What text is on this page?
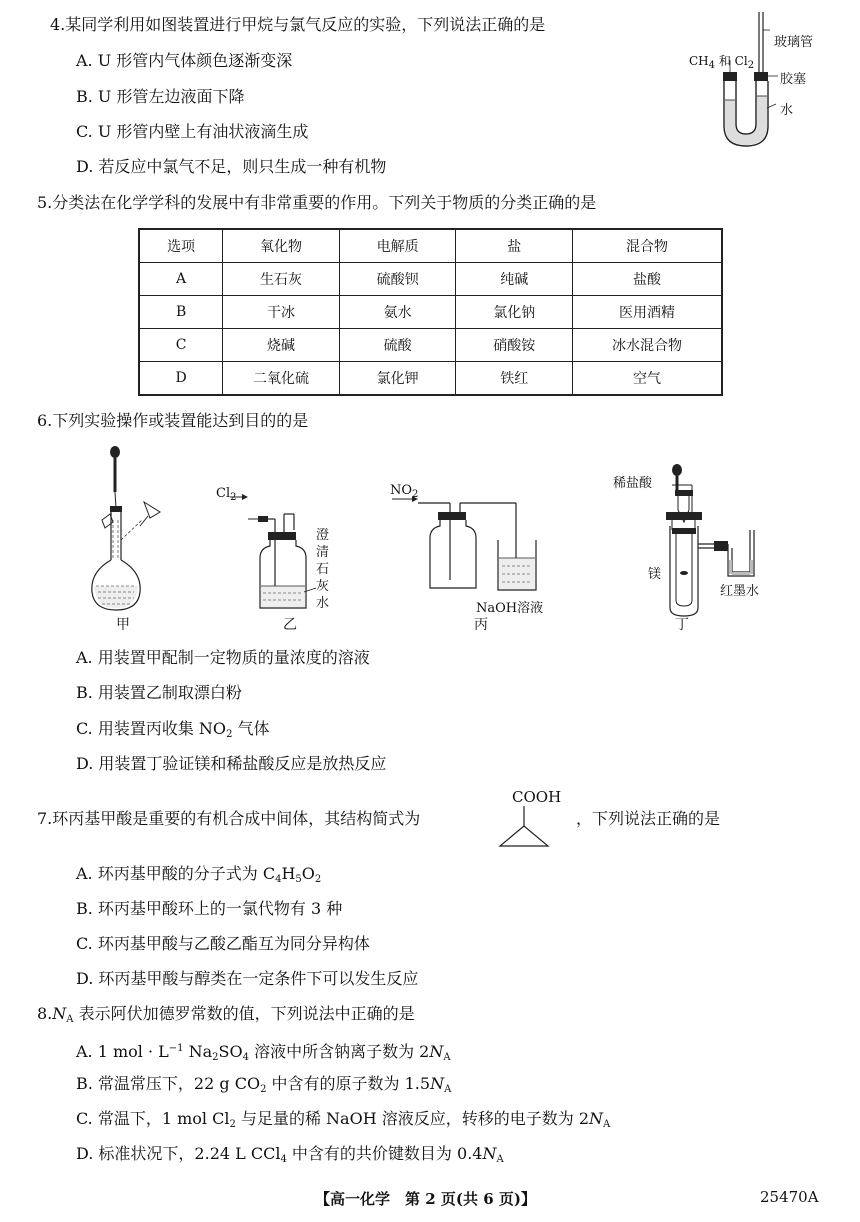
4.某同学利用如图装置进行甲烷与氯气反应的实验，下列说法正确的是
A. U 形管内气体颜色逐渐变深
B. U 形管左边液面下降
C. U 形管内壁上有油状液滴生成
D. 若反应中氯气不足，则只生成一种有机物
玻璃管
$CH_4$ 和 $Cl_2$
胶塞
水
5.分类法在化学学科的发展中有非常重要的作用。下列关于物质的分类正确的是
选项	氧化物	电解质	盐	混合物
A	生石灰	硫酸钡	纯碱	盐酸
B	干冰	氨水	氯化钠	医用酒精
C	烧碱	硫酸	硝酸铵	冰水混合物
D	二氧化硫	氯化钾	铁红	空气
6.下列实验操作或装置能达到目的的是
甲	乙	丙	丁
$Cl_2$
澄
清
石
灰
水
$NO_2$
NaOH溶液
稀盐酸
镁
红墨水
A. 用装置甲配制一定物质的量浓度的溶液
B. 用装置乙制取漂白粉
C. 用装置丙收集 $NO_2$ 气体
D. 用装置丁验证镁和稀盐酸反应是放热反应
7.环丙基甲酸是重要的有机合成中间体，其结构简式为
COOH
，下列说法正确的是
A. 环丙基甲酸的分子式为 $C_4H_5O_2$
B. 环丙基甲酸环上的一氯代物有 3 种
C. 环丙基甲酸与乙酸乙酯互为同分异构体
D. 环丙基甲酸与醇类在一定条件下可以发生反应
$8.N_A$ 表示阿伏加德罗常数的值，下列说法中正确的是
A. 1 mol · $L^{-1}$ $Na_2SO_4$ 溶液中所含钠离子数为 $2N_A$
B. 常温常压下，22 g $CO_2$ 中含有的原子数为 $1.5N_A$
C. 常温下，1 mol $Cl_2$ 与足量的稀 NaOH 溶液反应，转移的电子数为 $2N_A$
D. 标准状况下，2.24 L CCl$_4$ 中含有的共价键数目为 $0.4N_A$
【高一化学　第 2 页(共 6 页)】	25470A
